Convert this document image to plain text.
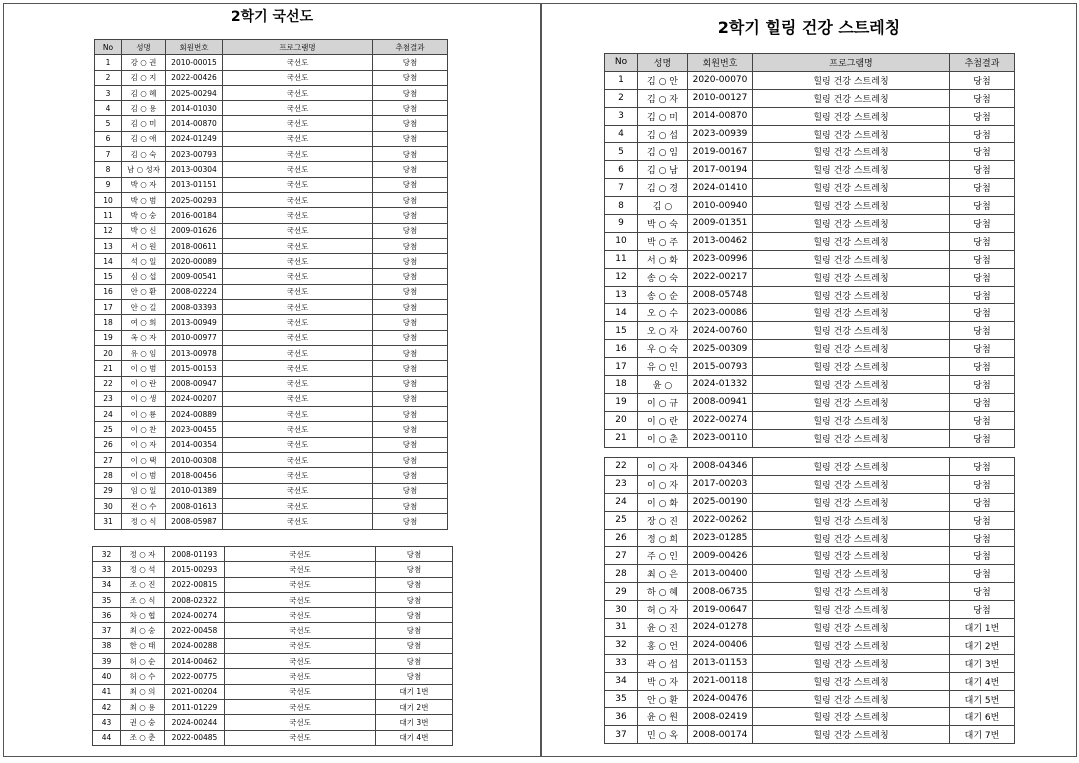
2학기 국선도
No	성명	회원번호	프로그램명	추첨결과
1	강 ○ 권	2010-00015	국선도	당첨
2	김 ○ 지	2022-00426	국선도	당첨
3	김 ○ 혜	2025-00294	국선도	당첨
4	김 ○ 용	2014-01030	국선도	당첨
5	김 ○ 미	2014-00870	국선도	당첨
6	김 ○ 애	2024-01249	국선도	당첨
7	김 ○ 숙	2023-00793	국선도	당첨
8	남 ○ 성자	2013-00304	국선도	당첨
9	박 ○ 자	2013-01151	국선도	당첨
10	박 ○ 범	2025-00293	국선도	당첨
11	박 ○ 숭	2016-00184	국선도	당첨
12	박 ○ 신	2009-01626	국선도	당첨
13	서 ○ 원	2018-00611	국선도	당첨
14	석 ○ 일	2020-00089	국선도	당첨
15	심 ○ 섭	2009-00541	국선도	당첨
16	안 ○ 환	2008-02224	국선도	당첨
17	안 ○ 길	2008-03393	국선도	당첨
18	여 ○ 희	2013-00949	국선도	당첨
19	옥 ○ 자	2010-00977	국선도	당첨
20	유 ○ 임	2013-00978	국선도	당첨
21	이 ○ 범	2015-00153	국선도	당첨
22	이 ○ 란	2008-00947	국선도	당첨
23	이 ○ 생	2024-00207	국선도	당첨
24	이 ○ 룡	2024-00889	국선도	당첨
25	이 ○ 찬	2023-00455	국선도	당첨
26	이 ○ 자	2014-00354	국선도	당첨
27	이 ○ 택	2010-00308	국선도	당첨
28	이 ○ 범	2018-00456	국선도	당첨
29	임 ○ 일	2010-01389	국선도	당첨
30	전 ○ 수	2008-01613	국선도	당첨
31	정 ○ 식	2008-05987	국선도	당첨
32	정 ○ 자	2008-01193	국선도	당첨
33	정 ○ 석	2015-00293	국선도	당첨
34	조 ○ 진	2022-00815	국선도	당첨
35	조 ○ 식	2008-02322	국선도	당첨
36	차 ○ 협	2024-00274	국선도	당첨
37	최 ○ 숭	2022-00458	국선도	당첨
38	한 ○ 태	2024-00288	국선도	당첨
39	허 ○ 순	2014-00462	국선도	당첨
40	허 ○ 수	2022-00775	국선도	당첨
41	최 ○ 의	2021-00204	국선도	대기 1번
42	최 ○ 용	2011-01229	국선도	대기 2번
43	권 ○ 숭	2024-00244	국선도	대기 3번
44	조 ○ 춘	2022-00485	국선도	대기 4번
2학기 힐링 건강 스트레칭
No	성명	회원번호	프로그램명	추첨결과
1	김 ○ 안	2020-00070	힐링 건강 스트레칭	당첨
2	김 ○ 자	2010-00127	힐링 건강 스트레칭	당첨
3	김 ○ 미	2014-00870	힐링 건강 스트레칭	당첨
4	김 ○ 섭	2023-00939	힐링 건강 스트레칭	당첨
5	김 ○ 임	2019-00167	힐링 건강 스트레칭	당첨
6	김 ○ 남	2017-00194	힐링 건강 스트레칭	당첨
7	김 ○ 경	2024-01410	힐링 건강 스트레칭	당첨
8	김 ○	2010-00940	힐링 건강 스트레칭	당첨
9	박 ○ 숙	2009-01351	힐링 건강 스트레칭	당첨
10	박 ○ 주	2013-00462	힐링 건강 스트레칭	당첨
11	서 ○ 화	2023-00996	힐링 건강 스트레칭	당첨
12	송 ○ 숙	2022-00217	힐링 건강 스트레칭	당첨
13	송 ○ 순	2008-05748	힐링 건강 스트레칭	당첨
14	오 ○ 수	2023-00086	힐링 건강 스트레칭	당첨
15	오 ○ 자	2024-00760	힐링 건강 스트레칭	당첨
16	우 ○ 숙	2025-00309	힐링 건강 스트레칭	당첨
17	유 ○ 인	2015-00793	힐링 건강 스트레칭	당첨
18	윤 ○	2024-01332	힐링 건강 스트레칭	당첨
19	이 ○ 규	2008-00941	힐링 건강 스트레칭	당첨
20	이 ○ 란	2022-00274	힐링 건강 스트레칭	당첨
21	이 ○ 춘	2023-00110	힐링 건강 스트레칭	당첨
22	이 ○ 자	2008-04346	힐링 건강 스트레칭	당첨
23	이 ○ 자	2017-00203	힐링 건강 스트레칭	당첨
24	이 ○ 화	2025-00190	힐링 건강 스트레칭	당첨
25	장 ○ 진	2022-00262	힐링 건강 스트레칭	당첨
26	정 ○ 희	2023-01285	힐링 건강 스트레칭	당첨
27	주 ○ 인	2009-00426	힐링 건강 스트레칭	당첨
28	최 ○ 은	2013-00400	힐링 건강 스트레칭	당첨
29	하 ○ 혜	2008-06735	힐링 건강 스트레칭	당첨
30	허 ○ 자	2019-00647	힐링 건강 스트레칭	당첨
31	윤 ○ 진	2024-01278	힐링 건강 스트레칭	대기 1번
32	홍 ○ 언	2024-00406	힐링 건강 스트레칭	대기 2번
33	곽 ○ 섭	2013-01153	힐링 건강 스트레칭	대기 3번
34	박 ○ 자	2021-00118	힐링 건강 스트레칭	대기 4번
35	안 ○ 환	2024-00476	힐링 건강 스트레칭	대기 5번
36	윤 ○ 원	2008-02419	힐링 건강 스트레칭	대기 6번
37	민 ○ 옥	2008-00174	힐링 건강 스트레칭	대기 7번
